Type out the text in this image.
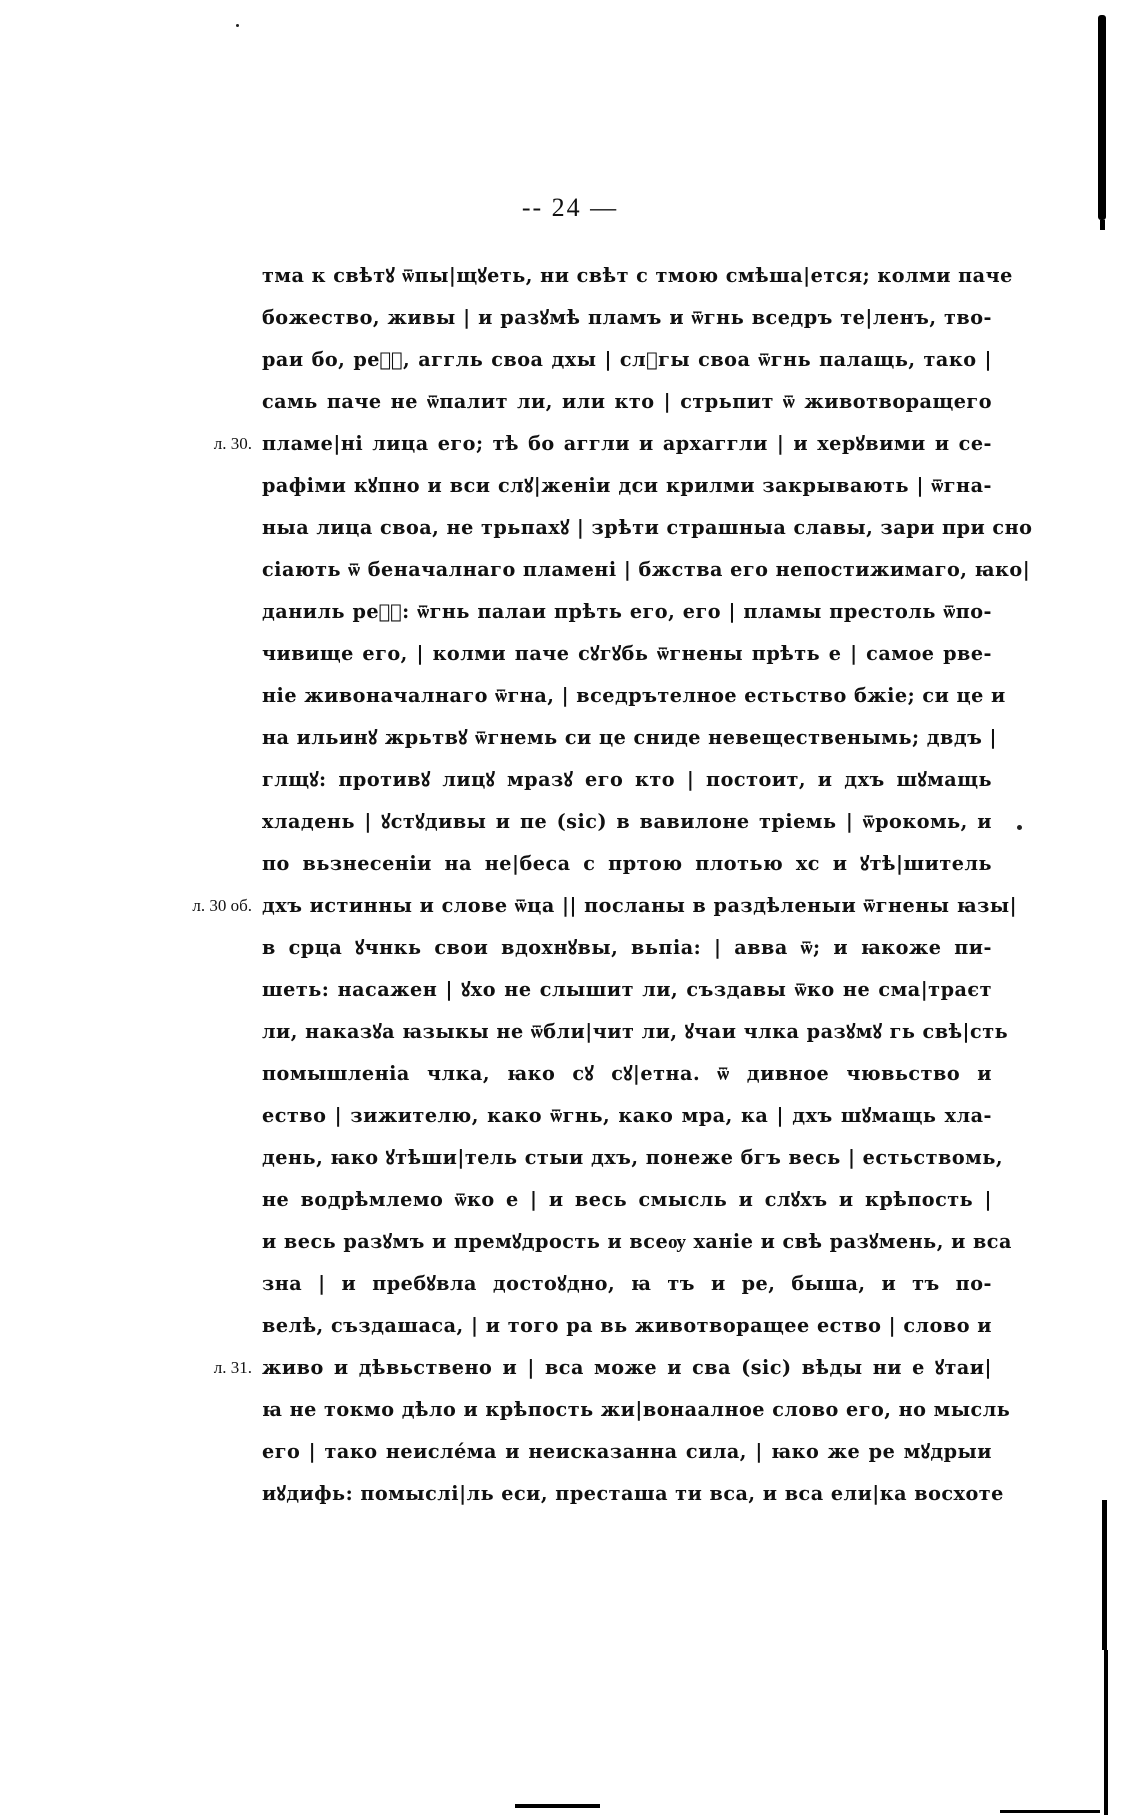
-- 24 —
тма к свѣтꙋ ѿпы|щꙋеть, ни свѣт с тмою смѣша|ется; колми паче
божество, живы | и разꙋмѣ пламъ и ѿгнь вседръ те|ленъ, тво-
раи бо, реⷱ҇, аггль своа дхы | слꙋгы своа ѿгнь палащь, тако |
самь паче не ѿпалит ли, или кто | стрьпит ѿ животворащего
л. 30. пламе|ні лица его; тѣ бо аггли и архаггли | и херꙋвими и се-
рафіми кꙋпно и вси слꙋ|женіи дси крилми закрывають | ѿгна-
ныа лица своа, не трьпахꙋ | зрѣти страшныа славы, зари при сно
сіають ѿ беначалнаго пламені | бжства его непостижимаго, ꙗко|
даниль реⷱ҇: ѿгнь палаи прѣть его, его | пламы престоль ѿпо-
чивище его, | колми паче сꙋгꙋбь ѿгнены прѣть е | самое рве-
ніе живоначалнаго ѿгна, | вседрътелное естьство бжіе; си це и
на ильинꙋ жрьтвꙋ ѿгнемь си це сниде невещественымь; двдъ |
глщꙋ: противꙋ лицꙋ мразꙋ его кто | постоит, и дхъ шꙋмащь
хладень | ꙋстꙋдивы и пе (sic) в вавилоне тріемь | ѿрокомь, и
по вьзнесеніи на не|беса с пртою плотью хс и ꙋтѣ|шитель
л. 30 об. дхъ истинны и слове ѿца || посланы в раздѣленыи ѿгнены ꙗзы|
в срца ꙋчнкь свои вдохнꙋвы, вьпіа: | авва ѿ; и ꙗкоже пи-
шеть: насажен | ꙋхо не слышит ли, създавы ѿко не сма|траєт
ли, наказꙋа ꙗзыкы не ѿбли|чит ли, ꙋчаи члка разꙋмꙋ гь свѣ|сть
помышленіа члка, ꙗко сꙋ сꙋ|етна. ѿ дивное чювьство и
ество | зижителю, како ѿгнь, како мра, ка | дхъ шꙋмащь хла-
день, ꙗко ꙋтѣши|тель стыи дхъ, понеже бгъ весь | естьствомь,
не водрѣмлемо ѿко е | и весь смысль и слꙋхъ и крѣпость |
и весь разꙋмъ и премꙋдрость и всеѹ ханіе и свѣ разꙋмень, и вса
зна | и пребꙋвла достоꙋдно, ꙗ тъ и ре, быша, и тъ по-
велѣ, създашаса, | и того ра вь животворащее ество | слово и
л. 31. живо и дѣвьствено и | вса може и сва (sic) вѣды ни е ꙋтаи|
ꙗ не токмо дѣло и крѣпость жи|вонаалное слово его, но мысль
его | тако неисле́ма и неисказанна сила, | ꙗко же ре мꙋдрыи
иꙋдифь: помыслі|ль еси, престаша ти вса, и вса ели|ка восхоте
